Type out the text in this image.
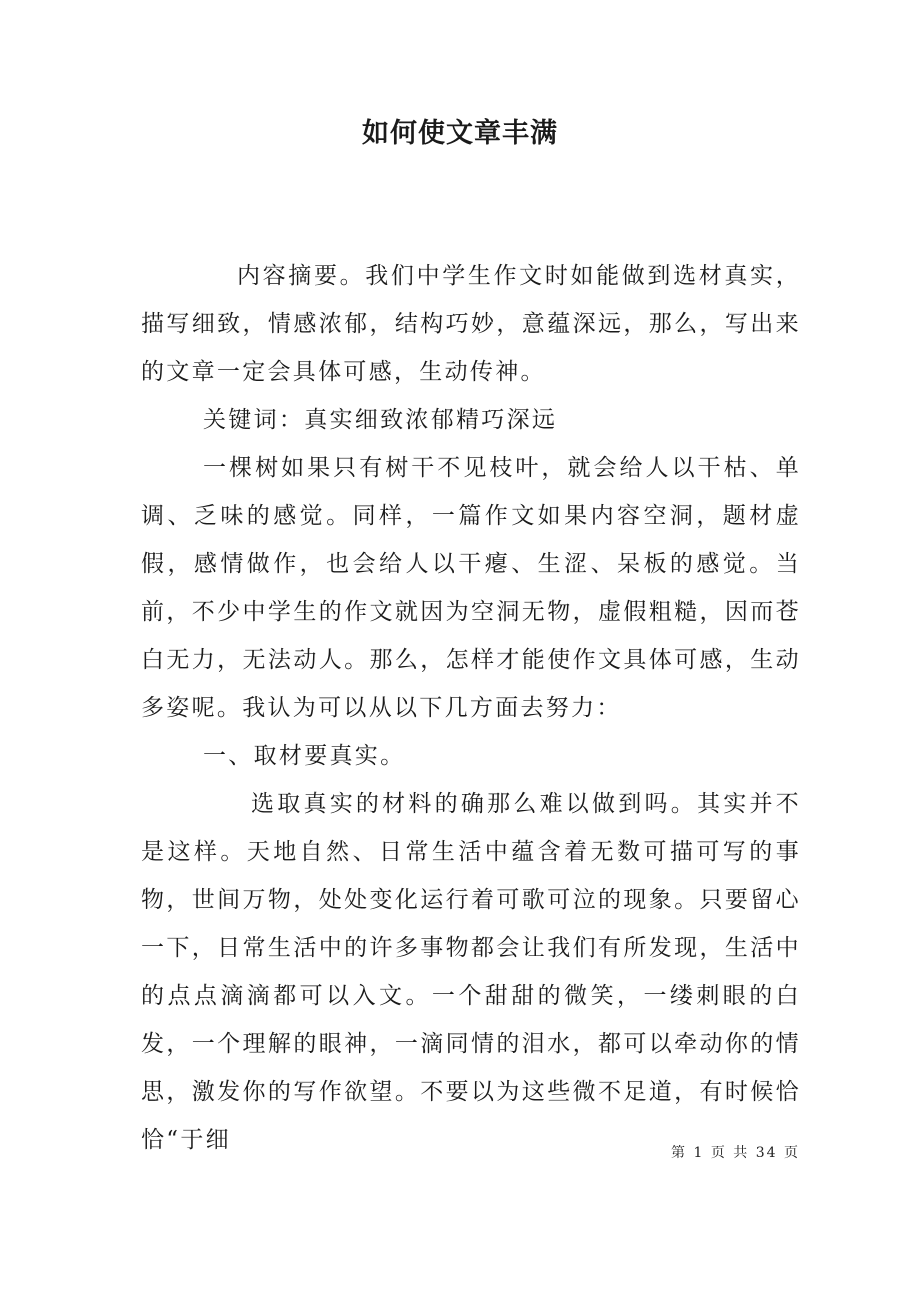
如何使文章丰满

内容摘要。我们中学生作文时如能做到选材真实，描写细致，情感浓郁，结构巧妙，意蕴深远，那么，写出来的文章一定会具体可感，生动传神。

关键词：真实细致浓郁精巧深远

一棵树如果只有树干不见枝叶，就会给人以干枯、单调、乏味的感觉。同样，一篇作文如果内容空洞，题材虚假，感情做作，也会给人以干瘪、生涩、呆板的感觉。当前，不少中学生的作文就因为空洞无物，虚假粗糙，因而苍白无力，无法动人。那么，怎样才能使作文具体可感，生动多姿呢。我认为可以从以下几方面去努力：

一、取材要真实。

选取真实的材料的确那么难以做到吗。其实并不是这样。天地自然、日常生活中蕴含着无数可描可写的事物，世间万物，处处变化运行着可歌可泣的现象。只要留心一下，日常生活中的许多事物都会让我们有所发现，生活中的点点滴滴都可以入文。一个甜甜的微笑，一缕刺眼的白发，一个理解的眼神，一滴同情的泪水，都可以牵动你的情思，激发你的写作欲望。不要以为这些微不足道，有时候恰恰“于细	第 1 页 共 34 页
